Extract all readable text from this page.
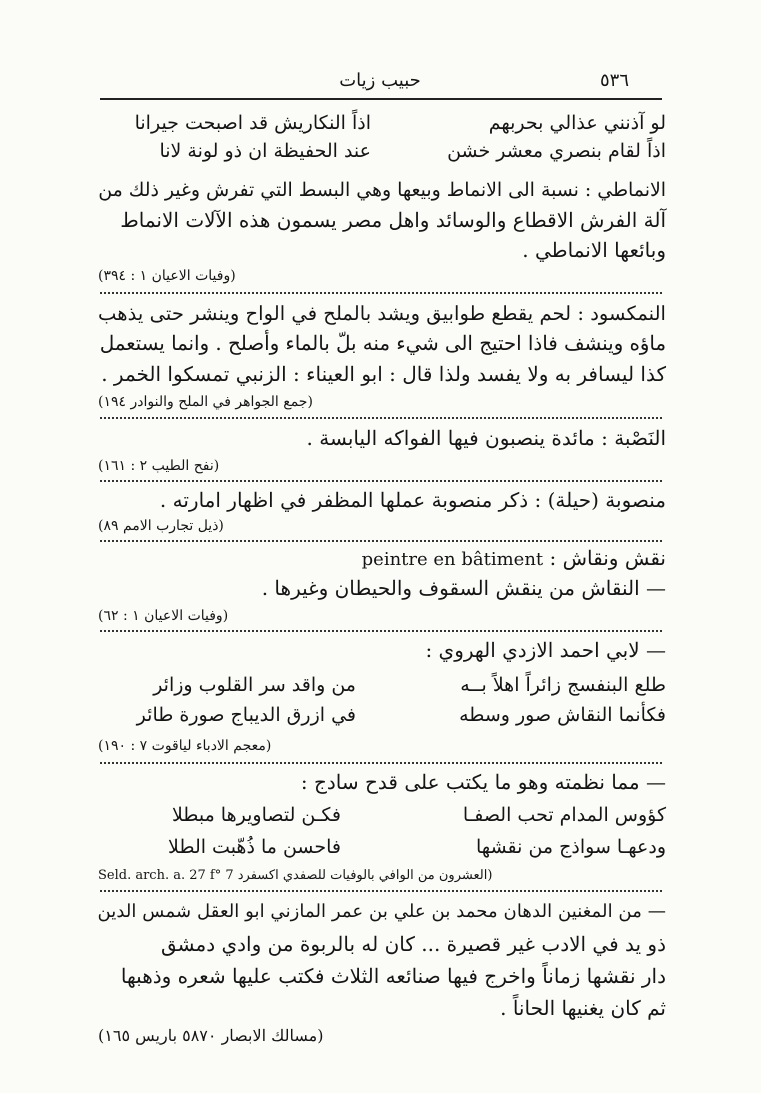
٥٣٦
حبيب زيات
لو آذنني عذالي بحربهم
اذاً النكاريش قد اصبحت جيرانا
اذاً لقام بنصري معشر خشن
عند الحفيظة ان ذو لونة لانا
الانماطي : نسبة الى الانماط وبيعها وهي البسط التي تفرش وغير ذلك من
آلة الفرش الاقطاع والوسائد واهل مصر يسمون هذه الآلات الانماط
وبائعها الانماطي .
(وفيات الاعيان ١ : ٣٩٤)
النمكسود : لحم يقطع طوابيق ويشد بالملح في الواح وينشر حتى يذهب
ماؤه وينشف فاذا احتيج الى شيء منه بلّ بالماء وأصلح . وانما يستعمل
كذا ليسافر به ولا يفسد ولذا قال : ابو العيناء : الزنبي تمسكوا الخمر .
(جمع الجواهر في الملح والنوادر ١٩٤)
النَصْبة : مائدة ينصبون فيها الفواكه اليابسة .
(نفح الطيب ٢ : ١٦١)
منصوبة (حيلة) : ذكر منصوبة عملها المظفر في اظهار امارته .
(ذيل تجارب الامم ٨٩)
نقش ونقاش : peintre en bâtiment
— النقاش من ينقش السقوف والحيطان وغيرها .
(وفيات الاعيان ١ : ٦٢)
— لابي احمد الازدي الهروي :
طلع البنفسج زائراً اهلاً بــه
من واقد سر القلوب وزائر
فكأنما النقاش صور وسطه
في ازرق الديباج صورة طائر
(معجم الادباء لياقوت ٧ : ١٩٠)
— مما نظمته وهو ما يكتب على قدح سادج :
كؤوس المدام تحب الصفـا
فكـن لتصاويرها مبطلا
ودعهـا سواذج من نقشها
فاحسن ما ذُهّبت الطلا
(العشرون من الوافي بالوفيات للصفدي اكسفرد Seld. arch. a. 27 f° 7
— من المغنين الدهان محمد بن علي بن عمر المازني ابو العقل شمس الدين
ذو يد في الادب غير قصيرة ... كان له بالربوة من وادي دمشق
دار نقشها زماناً واخرج فيها صنائعه الثلاث فكتب عليها شعره وذهبها
ثم كان يغنيها الحاناً .
(مسالك الابصار ٥٨٧٠ باريس ١٦٥)
